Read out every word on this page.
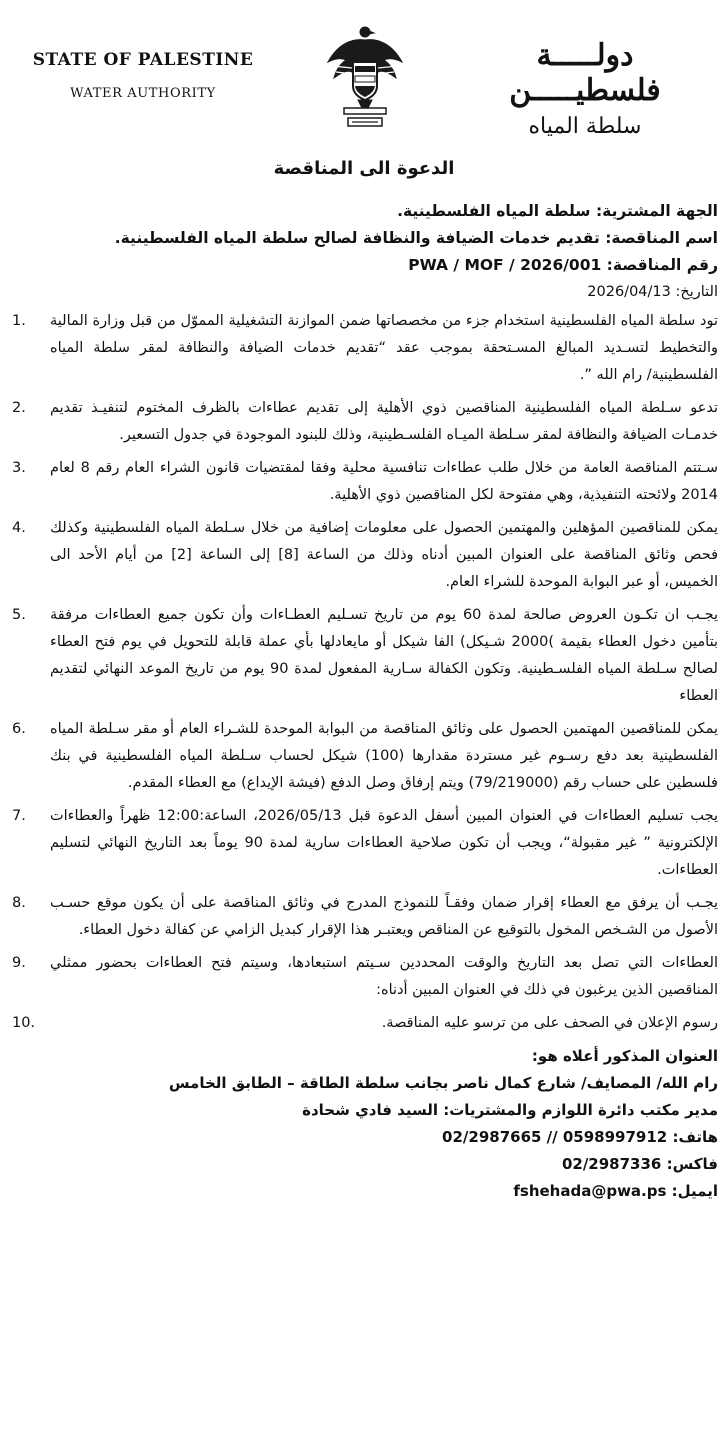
STATE OF PALESTINE
WATER AUTHORITY
دولـــــة فلسطيـــــن
سلطة المياه
الدعوة الى المناقصة
الجهة المشترية: سلطة المياه الفلسطينية.
اسم المناقصة: تقديم خدمات الضيافة والنظافة لصالح سلطة المياه الفلسطينية.
رقم المناقصة: PWA / MOF / 2026/001
التاريخ: 2026/04/13
1.	تود سلطة المياه الفلسطينية استخدام جزء من مخصصاتها ضمن الموازنة التشغيلية المموّل من قبل وزارة المالية والتخطيط لتسـديد المبالغ المسـتحقة بموجب عقد “تقديم خدمات الضيافة والنظافة لمقر سلطة المياه الفلسطينية/ رام الله ”.
2.	تدعو سـلطة المياه الفلسطينية المناقصين ذوي الأهلية إلى تقديم عطاءات بالظرف المختوم لتنفيـذ تقديم خدمـات الضيافة والنظافة لمقر سـلطة الميـاه الفلسـطينية، وذلك للبنود الموجودة في جدول التسعير.
3.	سـتتم المناقصة العامة من خلال طلب عطاءات تنافسية محلية وفقا لمقتضيات قانون الشراء العام رقم 8 لعام 2014 ولائحته التنفيذية، وهي مفتوحة لكل المناقصين ذوي الأهلية.
4.	يمكن للمناقصين المؤهلين والمهتمين الحصول على معلومات إضافية من خلال سـلطة المياه الفلسطينية وكذلك فحص وثائق المناقصة على العنوان المبين أدناه وذلك من الساعة [8] إلى الساعة [2] من أيام الأحد الى الخميس، أو عبر البوابة الموحدة للشراء العام.
5.	يجـب ان تكـون العروض صالحة لمدة 60 يوم من تاريخ تسـليم العطـاءات وأن تكون جميع العطاءات مرفقة بتأمين دخول العطاء بقيمة )2000 شـيكل) الفا شيكل أو مايعادلها بأي عملة قابلة للتحويل في يوم فتح العطاء لصالح سـلطة المياه الفلسـطينية. وتكون الكفالة سـارية المفعول لمدة 90 يوم من تاريخ الموعد النهائي لتقديم العطاء
6.	يمكن للمناقصين المهتمين الحصول على وثائق المناقصة من البوابة الموحدة للشـراء العام أو مقر سـلطة المياه الفلسطينية بعد دفع رسـوم غير مستردة مقدارها (100) شيكل لحساب سـلطة المياه الفلسطينية في بنك فلسطين على حساب رقم (79/219000) ويتم إرفاق وصل الدفع (فيشة الإيداع) مع العطاء المقدم.
7.	يجب تسليم العطاءات في العنوان المبين أسفل الدعوة قبل 2026/05/13، الساعة:12:00 ظهراً والعطاءات الإلكترونية ” غير مقبولة“، ويجب أن تكون صلاحية العطاءات سارية لمدة 90 يوماً بعد التاريخ النهائي لتسليم العطاءات.
8.	يجـب أن يرفق مع العطاء إقرار ضمان وفقـاً للنموذج المدرج في وثائق المناقصة على أن يكون موقع حسـب الأصول من الشـخص المخول بالتوقيع عن المناقص ويعتبـر هذا الإقرار كبديل الزامي عن كفالة دخول العطاء.
9.	العطاءات التي تصل بعد التاريخ والوقت المحددين سـيتم استبعادها، وسيتم فتح العطاءات بحضور ممثلي المناقصين الذين يرغبون في ذلك في العنوان المبين أدناه:
10.	رسوم الإعلان في الصحف على من ترسو عليه المناقصة.
العنوان المذكور أعلاه هو:
رام الله/ المصايف/ شارع كمال ناصر بجانب سلطة الطاقة – الطابق الخامس
مدير مكتب دائرة اللوازم والمشتريات: السيد فادي شحادة
هاتف: 02/2987665 // 0598997912
فاكس: 02/2987336
ايميل: fshehada@pwa.ps
